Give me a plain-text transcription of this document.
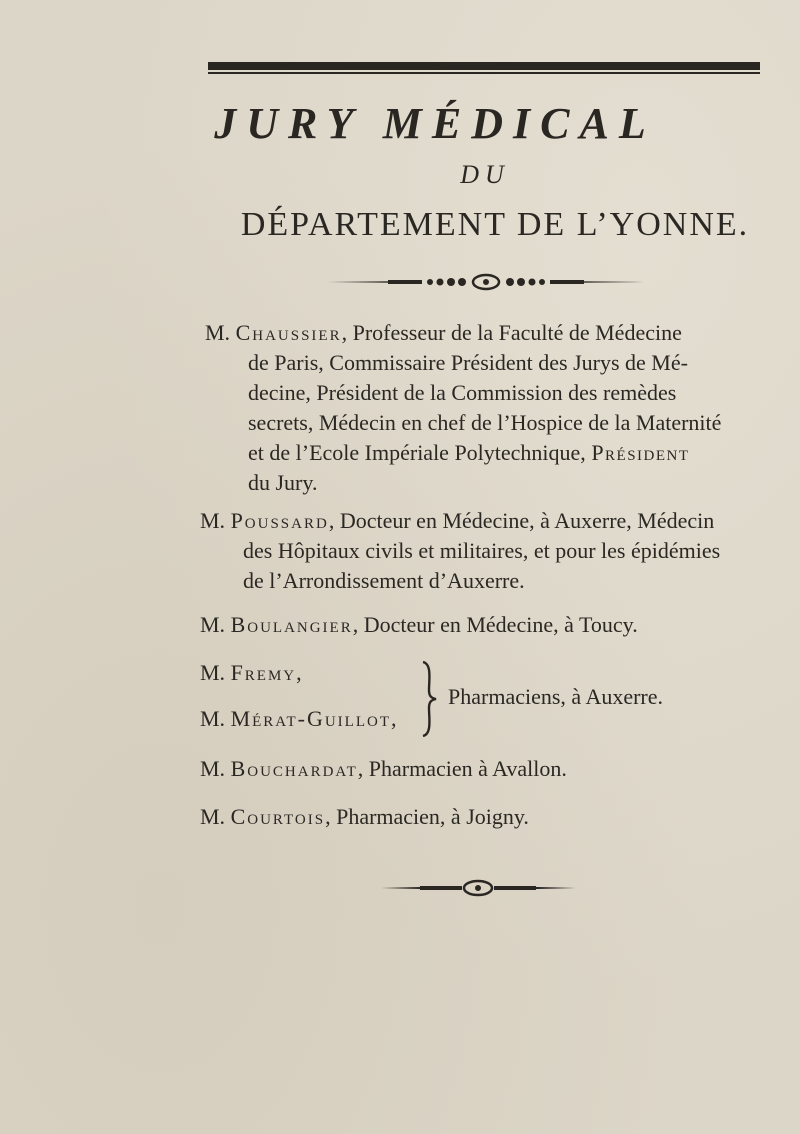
JURY MÉDICAL
DU
DÉPARTEMENT DE L’YONNE.
M. Chaussier, Professeur de la Faculté de Médecine
de Paris, Commissaire Président des Jurys de Mé-
decine, Président de la Commission des remèdes
secrets, Médecin en chef de l’Hospice de la Maternité
et de l’Ecole Impériale Polytechnique, Président
du Jury.
M. Poussard, Docteur en Médecine, à Auxerre, Médecin
des Hôpitaux civils et militaires, et pour les épidémies
de l’Arrondissement d’Auxerre.
M. Boulangier, Docteur en Médecine, à Toucy.
M. Fremy,
M. Mérat-Guillot,
Pharmaciens, à Auxerre.
M. Bouchardat, Pharmacien à Avallon.
M. Courtois, Pharmacien, à Joigny.
